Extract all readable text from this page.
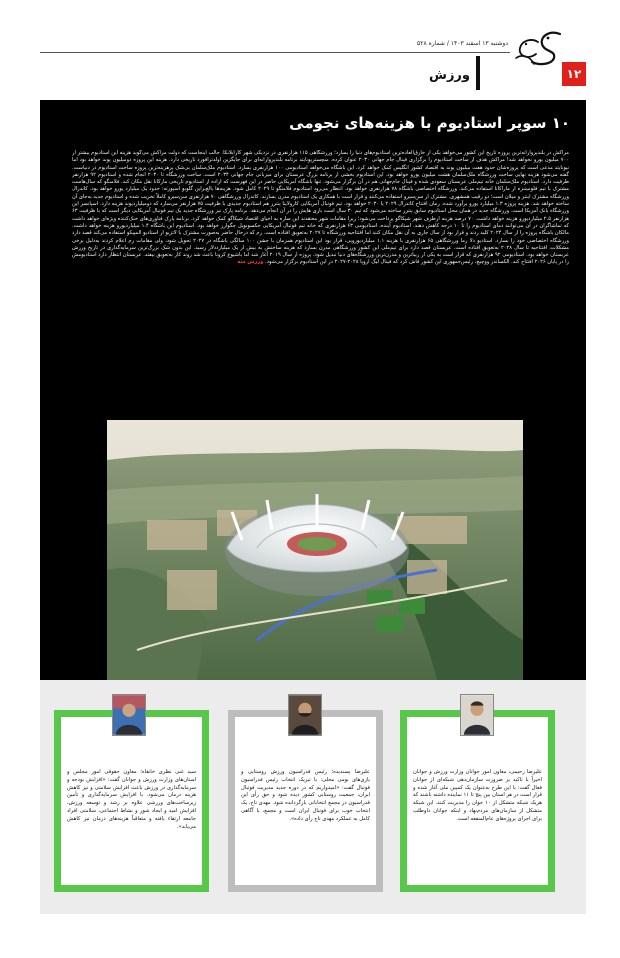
دوشنبه ۱۳ اسفند ۱۴۰۳ / شماره ۵۲۸
۱۲
ورزش
۱۰ سوپر استادیوم با هزینه‌های نجومی
مراکش در بلندپروازانه‌ترین پروژه تاریخ این کشور می‌خواهد یکی از خارق‌العاده‌ترین استادیوم‌های دنیا را بسازد؛ ورزشگاهی ۱۱۵ هزارنفری در نزدیکی شهر کازابلانکا. جالب اینجاست که دولت مراکش می‌گوید هزینه این استادیوم بیشتر از ۷۰۰ میلیون یورو نخواهد شد! مراکش هدف از ساخت استادیوم را برگزاری فینال جام جهانی ۲۰۳۰ عنوان کرده. منچسترپونایتد برنامه بلندپروازانه‌ای برای جایگزین اولدترافورد تاریخی دارد. هزینه این پروژه دومیلیون پوند خواهد بود اما نیونایتد مدعی است که پروژه‌شان حدود هفت میلیون پوند به اقتصاد کشور انگلیس کمک خواهد کرد. این باشگاه می‌خواهد استادیومی ۱۰۰ هزارنفری بسازد. استادیوم ملک‌سلمان بی‌شک پرهزینه‌ترین پروژه ساخت استادیوم در دنیاست. گفته می‌شود هزینه نهایی ساخت ورزشگاه ملک‌سلمان هشت میلیون یورو خواهد بود. این استادیوم بخشی از برنامه بزرگ عربستان برای میزبانی جام جهانی ۲۰۳۴ است. ساخت ورزشگاه تا ۲۰۳۰ انجام شده و استادیوم ۹۲ هزارنفر ظرفیت دارد. استادیوم ملک‌سلمان خانه تیم‌ملی عربستان سعودی شده و فینال جام‌جهانی هم در آن برگزار می‌شود. تنها باشگاه آمریکایی حاضر در این فهرست که اراده از استادیوم تاریخی مارکانا نقل مکان کند، فلامنگو که سال‌هاست مشترک با تیم فلومیننزه از ماراکانا استفاده می‌کند. ورزشگاه اختصاصی باشگاه ۷۸ هزارنفری خواهد بود. انتظار می‌رود استادیوم فلامنگو تا ۲۰۲۹ کامل شود. هزینه‌ها بالغ‌براین گلوبو اسپورته: حدود یک میلیارد یورو خواهد بود. کاندرال ورزشگاه مشترک اینتر و میلان است؛ دو رقیب همشهری. مشترک از سن‌سیرو استفاده می‌کنند و قرار است با همکاری یک استادیوم مدرن بسازند. کاتدرال ورزشگاهی ۷۰ هزارنفری سن‌سیرو کاملاً تخریب شده و استادیوم جدید به‌جای آن ساخته خواهد شد. هزینه پروژه ۱.۳ میلیارد یورو برآورد شده. زمان افتتاح کاتدرال ۲۰۲۹ یا ۲۰۳۰ خواهد بود. تیم فوتبال آمریکایی کارولاینا پنترز هم استادیوم جدیدی با ظرفیت ۷۵ هزارنفر می‌سازد که دومیلیاردپوند هزینه دارد. اسپانسر این ورزشگاه بانک آمریکا است. ورزشگاه جدید در همان محل استادیوم سابق پنترز ساخته می‌شود که تیم ۳۰ سال است بازی هایش را در آن انجام می‌دهد. برنامه پارک نیز ورزشگاه جدید یک تیم فوتبال آمریکایی دیگر است که با ظرفیت ۶۳ هزارنفر ۲.۵ میلیاردیورو هزینه خواهد داشت. ۷۰ درصد هزینه ازطرف شهر شیکاگو پرداخت می‌شود؛ زیرا مقامات شهر معتقدند این سازه به احیای اقتصاد شیکاگو کمک خواهد کرد. برنامه پارک فناوری‌های خنک‌کننده ویژه‌ای خواهد داشت که تماشاگران در آن می‌توانند دمای استادیوم را تا ۱۰ درجه کاهش دهند. استادیوم آینده، استادیومی ۶۳ هزارنفری که خانه تیم فوتبال آمریکایی جکسونویل جگوارز خواهد بود. استادیوم این باشگاه ۱.۴ میلیاردیورو هزینه خواهد داشت. مالکان باشگاه پروژه را از سال ۲۰۲۴ کلید زدند و قرار بود از سال جاری به آن نقل مکان کنند اما افتتاحیه ورزشگاه تا ۲۰۲۷ به‌تعویق افتاده است. رم که درحال حاضر به‌صورت مشترک با لاتزیو از استادیو المپیکو استفاده می‌کند قصد دارد ورزشگاه اختصاصی خود را بسازد. استادیو دلا رما ورزشگاهی ۶۵ هزارنفری با هزینه ۱.۱ میلیاردیورویی، قرار بود این استادیوم همزمان با جشن ۱۰۰ سالگی باشگاه در ۲۰۲۷ تحویل شود، ولی مقامات رم اعلام کردند به‌دلیل برخی مشکلات، افتتاحیه تا سال ۲۰۲۸ به‌تعویق افتاده است. عربستان قصد دارد برای تیم‌ملی این کشور ورزشگاهی مدرن بسازد که هزینه ساختش به بیش از یک میلیارددلار رسید. این بدون شک بزرگ‌ترین سرمایه‌گذاری در تاریخ ورزش عربستان خواهد بود. استادیومی ۹۲ هزارنفری که قرار است به یکی از زیباترین و مدرن‌ترین ورزشگاه‌های دنیا تبدیل شود. پروژه از سال ۲۰۱۹ آغاز شد اما باشیوع کرونا باعث شد روند کار به‌تعویق بیفتد. عربستان انتظار دارد استادیومش را در پایان ۲۰۲۶ افتتاح کند. الکساندر ووچیچ، رئیس‌جمهوری این کشور فاش کرد که فینال لیگ اروپا ۲۰۲۸-۲۰۲۷ در این استادیوم برگزار می‌شود. ورزش سه
علیرضا رحیمی، معاون امور جوانان وزارت ورزش و جوانان اخیراً با تاکید بر ضرورت سازمان‌دهی شبکه‌ای از جوانان فعال گفت: با این طرح به‌عنوان یک کمپین ملی آغاز شده و قرار است در هر استان بین پنج تا ۱۱ نماینده داشته باشند که هریک شبکه متشکل از ۱۰ جوان را مدیریت کنند. این شبکه متشکل از سازمان‌های مردم‌نهاد و اینکه جوانان داوطلب برای اجرای پروژه‌های عام‌المنفعه است.
علیرضا پسندیده؛ رئیس فدراسیون ورزش روستایی و بازی‌های بومی محلی: با تبریک انتخاب رئیس فدراسیون فوتبال گفت: «امیدواریم که در دوره جدید مدیریت فوتبال ایران، جمعیت روستایی کشور دیده شود و حق رأی این فدراسیون در مجمع انتخاباتی بازگردانده شود. مهدی تاج، یک انتخاب خوب برای فوتبال ایران است و مجمع، با آگاهی کامل به عملکرد مهدی تاج رأی داده».
سید غنی نظری خانقاه؛ معاون حقوقی امور مجلس و استان‌های وزارت ورزش و جوانان گفت: «افزایش بودجه و سرمایه‌گذاری در ورزش باعث افزایش سلامتی و نیز کاهش هزینه درمان می‌شود. با افزایش سرمایه‌گذاری و تأمین زیرساخت‌های ورزشی علاوه بر رشد و توسعه ورزش، افزایش امید و ایجاد شور و نشاط اجتماعی، سلامتی افراد جامعه ارتقاء یافته و متعاقباً هزینه‌های درمان نیز کاهش می‌یابد».
